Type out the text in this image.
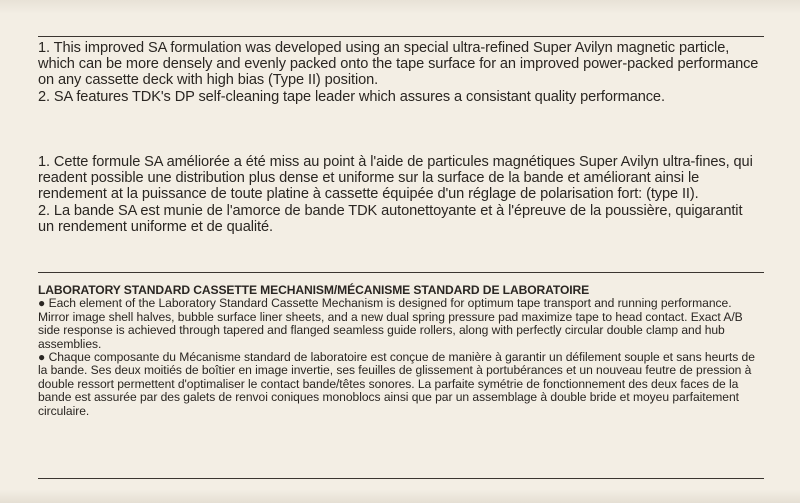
1. This improved SA formulation was developed using an special ultra-refined Super Avilyn magnetic particle, which can be more densely and evenly packed onto the tape surface for an improved power-packed performance on any cassette deck with high bias (Type II) position.

2. SA features TDK's DP self-cleaning tape leader which assures a consistant quality performance.

1. Cette formule SA améliorée a été miss au point à l'aide de particules magnétiques Super Avilyn ultra-fines, qui readent possible une distribution plus dense et uniforme sur la surface de la bande et améliorant ainsi le rendement at la puissance de toute platine à cassette équipée d'un réglage de polarisation fort: (type II).

2. La bande SA est munie de l'amorce de bande TDK autonettoyante et à l'épreuve de la poussière, quigarantit un rendement uniforme et de qualité.

LABORATORY STANDARD CASSETTE MECHANISM/MÉCANISME STANDARD DE LABORATOIRE

● Each element of the Laboratory Standard Cassette Mechanism is designed for optimum tape transport and running performance. Mirror image shell halves, bubble surface liner sheets, and a new dual spring pressure pad maximize tape to head contact. Exact A/B side response is achieved through tapered and flanged seamless guide rollers, along with perfectly circular double clamp and hub assemblies.

● Chaque composante du Mécanisme standard de laboratoire est conçue de manière à garantir un défilement souple et sans heurts de la bande. Ses deux moitiés de boîtier en image invertie, ses feuilles de glissement à portubérances et un nouveau feutre de pression à double ressort permettent d'optimaliser le contact bande/têtes sonores. La parfaite symétrie de fonctionnement des deux faces de la bande est assurée par des galets de renvoi coniques monoblocs ainsi que par un assemblage à double bride et moyeu parfaitement circulaire.
